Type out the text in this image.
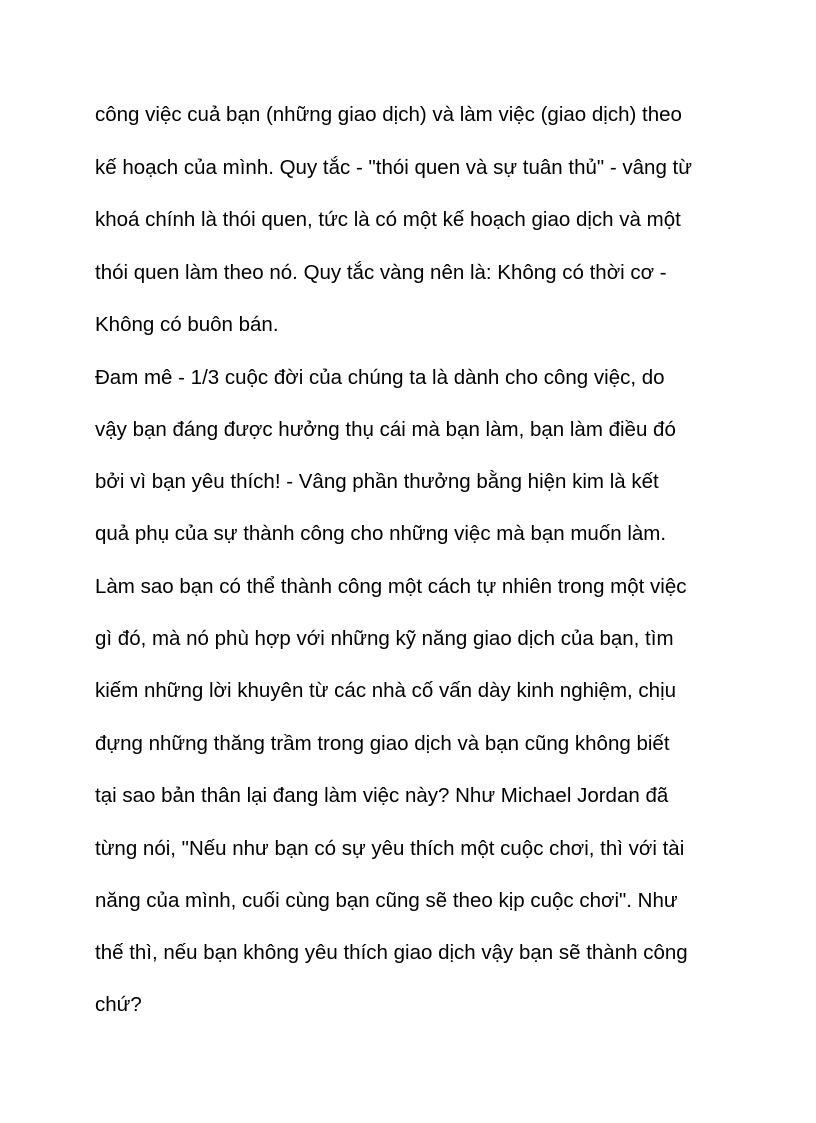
công việc cuả bạn (những giao dịch) và làm việc (giao dịch) theo

kế hoạch của mình. Quy tắc - "thói quen và sự tuân thủ" - vâng từ

khoá chính là thói quen, tức là có một kế hoạch giao dịch và một

thói quen làm theo nó. Quy tắc vàng nên là: Không có thời cơ -

Không có buôn bán.

Đam mê - 1/3 cuộc đời của chúng ta là dành cho công việc, do

vậy bạn đáng được hưởng thụ cái mà bạn làm, bạn làm điều đó

bởi vì bạn yêu thích! - Vâng phần thưởng bằng hiện kim là kết

quả phụ của sự thành công cho những việc mà bạn muốn làm.

Làm sao bạn có thể thành công một cách tự nhiên trong một việc

gì đó, mà nó phù hợp với những kỹ năng giao dịch của bạn, tìm

kiếm những lời khuyên từ các nhà cố vấn dày kinh nghiệm, chịu

đựng những thăng trầm trong giao dịch và bạn cũng không biết

tại sao bản thân lại đang làm việc này? Như Michael Jordan đã

từng nói, "Nếu như bạn có sự yêu thích một cuộc chơi, thì với tài

năng của mình, cuối cùng bạn cũng sẽ theo kịp cuộc chơi". Như

thế thì, nếu bạn không yêu thích giao dịch vậy bạn sẽ thành công

chứ?
